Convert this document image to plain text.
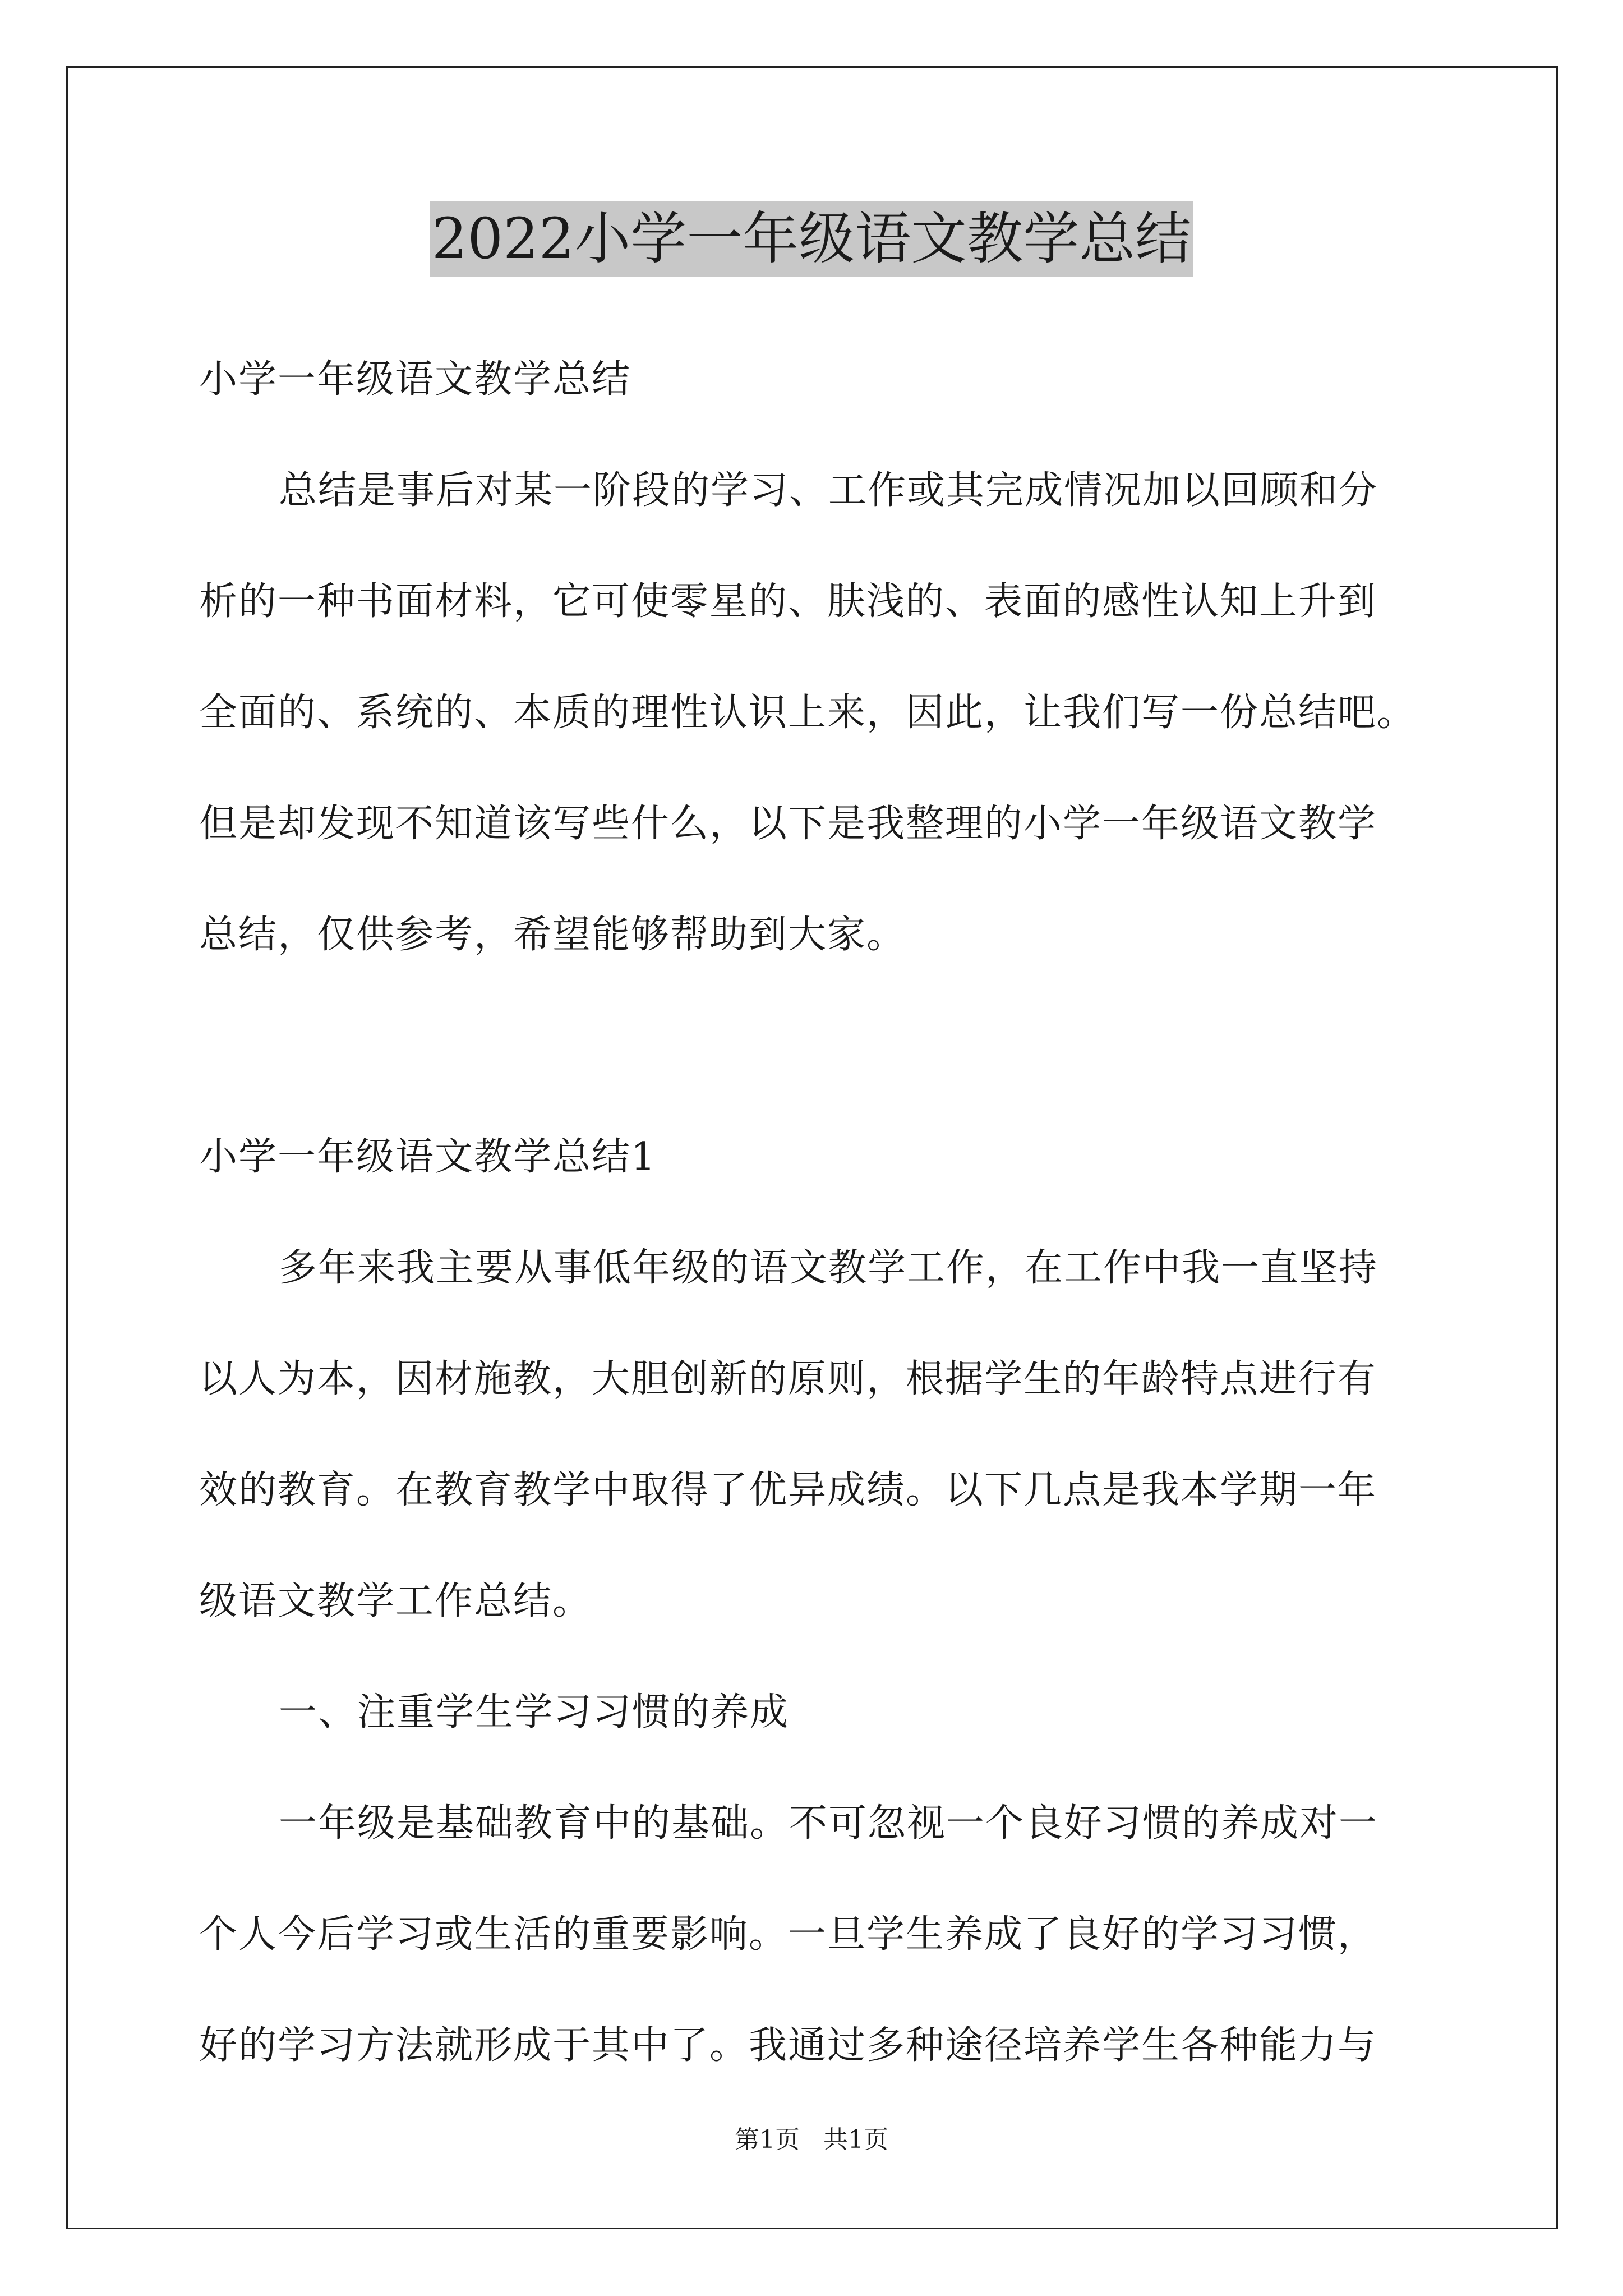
2022小学一年级语文教学总结
小学一年级语文教学总结
总结是事后对某一阶段的学习、工作或其完成情况加以回顾和分
析的一种书面材料，它可使零星的、肤浅的、表面的感性认知上升到
全面的、系统的、本质的理性认识上来，因此，让我们写一份总结吧。
但是却发现不知道该写些什么，以下是我整理的小学一年级语文教学
总结，仅供参考，希望能够帮助到大家。
小学一年级语文教学总结1
多年来我主要从事低年级的语文教学工作，在工作中我一直坚持
以人为本，因材施教，大胆创新的原则，根据学生的年龄特点进行有
效的教育。在教育教学中取得了优异成绩。以下几点是我本学期一年
级语文教学工作总结。
一、注重学生学习习惯的养成
一年级是基础教育中的基础。不可忽视一个良好习惯的养成对一
个人今后学习或生活的重要影响。一旦学生养成了良好的学习习惯，
好的学习方法就形成于其中了。我通过多种途径培养学生各种能力与
第1页   共1页
